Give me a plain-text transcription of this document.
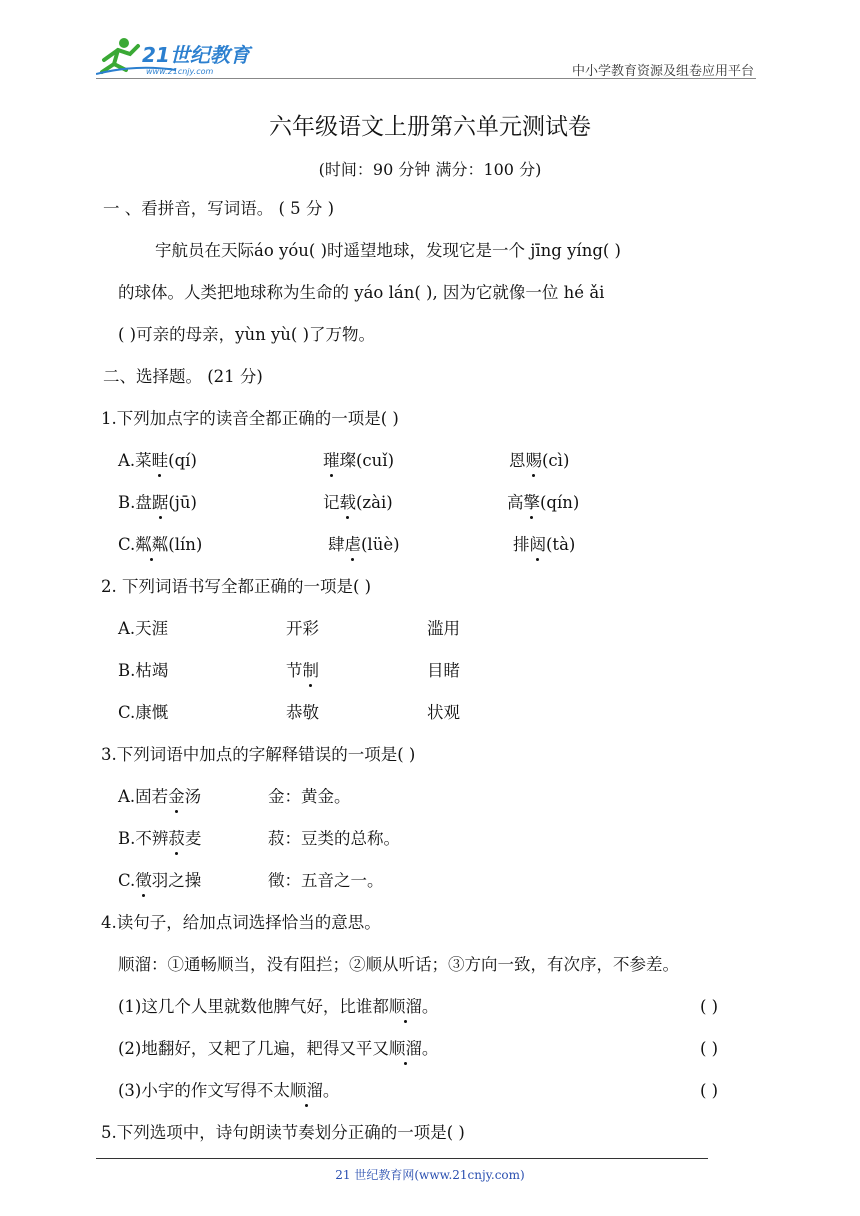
21世纪教育
www.21cnjy.com	中小学教育资源及组卷应用平台
六年级语文上册第六单元测试卷
(时间：90 分钟 满分：100 分)
一 、看拼音，写词语。 ( 5 分 )
宇航员在天际áo yóu( )时遥望地球，发现它是一个 jīng yíng( )
的球体。人类把地球称为生命的 yáo lán( ), 因为它就像一位 hé ǎi
( )可亲的母亲，yùn yù( )了万物。
二、选择题。 (21 分)
1.下列加点字的读音全都正确的一项是( )
A.菜畦(qí)	璀璨(cuǐ)	恩赐(cì)
B.盘踞(jū)	记载(zài)	高擎(qín)
C.粼粼(lín)	肆虐(lüè)	排闼(tà)
2. 下列词语书写全都正确的一项是( )
A.天涯	开彩	滥用
B.枯竭	节制	目睹
C.康慨	恭敬	状观
3.下列词语中加点的字解释错误的一项是( )
A.固若金汤	金：黄金。
B.不辨菽麦	菽：豆类的总称。
C.徵羽之操	徵：五音之一。
4.读句子，给加点词选择恰当的意思。
顺溜：①通畅顺当，没有阻拦；②顺从听话；③方向一致，有次序，不参差。
(1)这几个人里就数他脾气好，比谁都顺溜。	( )
(2)地翻好，又耙了几遍，耙得又平又顺溜。	( )
(3)小宇的作文写得不太顺溜。	( )
5.下列选项中，诗句朗读节奏划分正确的一项是( )
21 世纪教育网(www.21cnjy.com)
